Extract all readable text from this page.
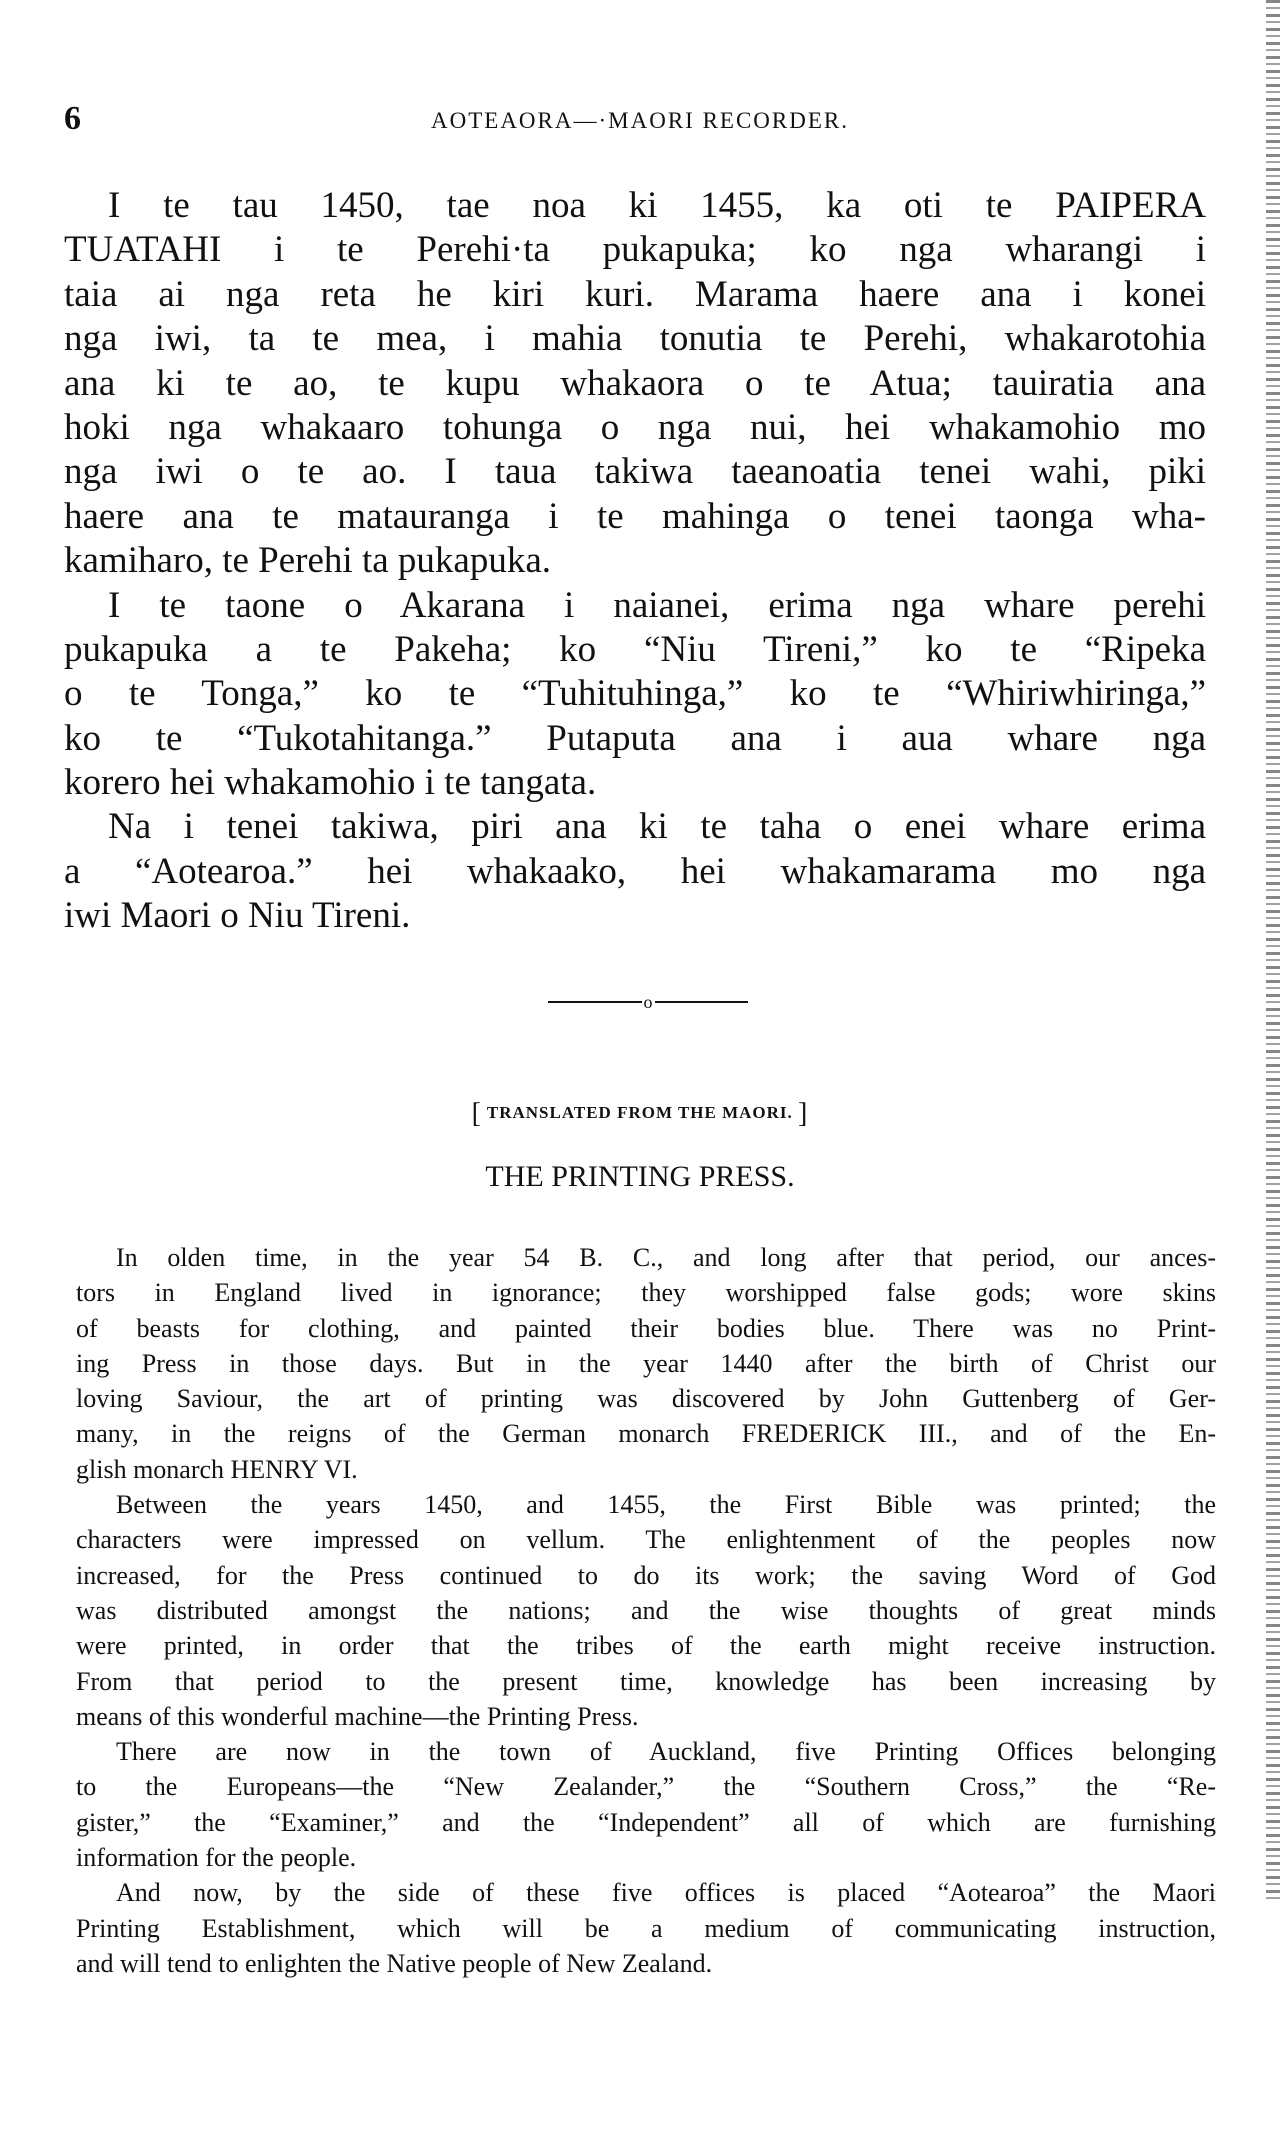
6	AOTEAORA—·MAORI RECORDER.
I te tau 1450, tae noa ki 1455, ka oti te PAIPERA
TUATAHI i te Perehi·ta pukapuka; ko nga wharangi i
taia ai nga reta he kiri kuri. Marama haere ana i konei
nga iwi, ta te mea, i mahia tonutia te Perehi, whakarotohia
ana ki te ao, te kupu whakaora o te Atua; tauiratia ana
hoki nga whakaaro tohunga o nga nui, hei whakamohio mo
nga iwi o te ao. I taua takiwa taeanoatia tenei wahi, piki
haere ana te matauranga i te mahinga o tenei taonga wha-
kamiharo, te Perehi ta pukapuka.
I te taone o Akarana i naianei, erima nga whare perehi
pukapuka a te Pakeha; ko “Niu Tireni,” ko te “Ripeka
o te Tonga,” ko te “Tuhituhinga,” ko te “Whiriwhiringa,”
ko te “Tukotahitanga.” Putaputa ana i aua whare nga
korero hei whakamohio i te tangata.
Na i tenei takiwa, piri ana ki te taha o enei whare erima
a “Aotearoa.” hei whakaako, hei whakamarama mo nga
iwi Maori o Niu Tireni.
o
[ TRANSLATED FROM THE MAORI. ]
THE PRINTING PRESS.
In olden time, in the year 54 B. C., and long after that period, our ances-
tors in England lived in ignorance; they worshipped false gods; wore skins
of beasts for clothing, and painted their bodies blue. There was no Print-
ing Press in those days. But in the year 1440 after the birth of Christ our
loving Saviour, the art of printing was discovered by John Guttenberg of Ger-
many, in the reigns of the German monarch FREDERICK III., and of the En-
glish monarch HENRY VI.
Between the years 1450, and 1455, the First Bible was printed; the
characters were impressed on vellum. The enlightenment of the peoples now
increased, for the Press continued to do its work; the saving Word of God
was distributed amongst the nations; and the wise thoughts of great minds
were printed, in order that the tribes of the earth might receive instruction.
From that period to the present time, knowledge has been increasing by
means of this wonderful machine—the Printing Press.
There are now in the town of Auckland, five Printing Offices belonging
to the Europeans—the “New Zealander,” the “Southern Cross,” the “Re-
gister,” the “Examiner,” and the “Independent” all of which are furnishing
information for the people.
And now, by the side of these five offices is placed “Aotearoa” the Maori
Printing Establishment, which will be a medium of communicating instruction,
and will tend to enlighten the Native people of New Zealand.
